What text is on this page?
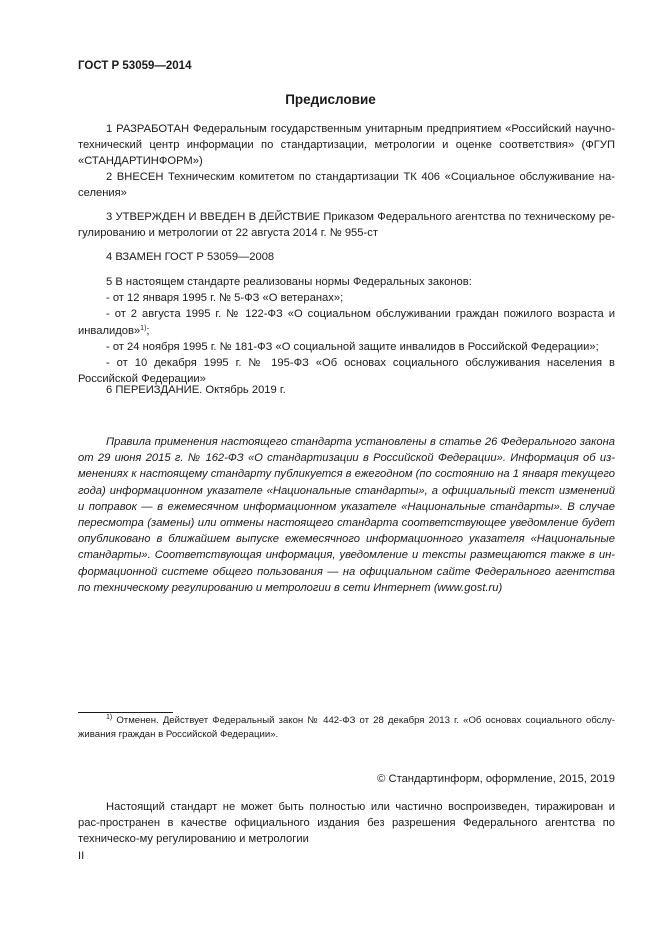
ГОСТ Р 53059—2014
Предисловие
1 РАЗРАБОТАН Федеральным государственным унитарным предприятием «Российский научно-технический центр информации по стандартизации, метрологии и оценке соответствия» (ФГУП «СТАНДАРТИНФОРМ»)
2 ВНЕСЕН Техническим комитетом по стандартизации ТК 406 «Социальное обслуживание на-селения»
3 УТВЕРЖДЕН И ВВЕДЕН В ДЕЙСТВИЕ Приказом Федерального агентства по техническому ре-гулированию и метрологии от 22 августа 2014 г. № 955-ст
4 ВЗАМЕН ГОСТ Р 53059—2008
5 В настоящем стандарте реализованы нормы Федеральных законов:
- от 12 января 1995 г. № 5-ФЗ «О ветеранах»;
- от 2 августа 1995 г. № 122-ФЗ «О социальном обслуживании граждан пожилого возраста и инвалидов»$^{1)}$;
- от 24 ноября 1995 г. № 181-ФЗ «О социальной защите инвалидов в Российской Федерации»;
- от 10 декабря 1995 г. № 195-ФЗ «Об основах социального обслуживания населения в Российской Федерации»
6 ПЕРЕИЗДАНИЕ. Октябрь 2019 г.
Правила применения настоящего стандарта установлены в статье 26 Федерального закона от 29 июня 2015 г. № 162-ФЗ «О стандартизации в Российской Федерации». Информация об из-менениях к настоящему стандарту публикуется в ежегодном (по состоянию на 1 января текущего года) информационном указателе «Национальные стандарты», а официальный текст изменений и поправок — в ежемесячном информационном указателе «Национальные стандарты». В случае пересмотра (замены) или отмены настоящего стандарта соответствующее уведомление будет опубликовано в ближайшем выпуске ежемесячного информационного указателя «Национальные стандарты». Соответствующая информация, уведомление и тексты размещаются также в ин-формационной системе общего пользования — на официальном сайте Федерального агентства по техническому регулированию и метрологии в сети Интернет (www.gost.ru)
$^{1)}$ Отменен. Действует Федеральный закон № 442-ФЗ от 28 декабря 2013 г. «Об основах социального обслу-живания граждан в Российской Федерации».
© Стандартинформ, оформление, 2015, 2019
Настоящий стандарт не может быть полностью или частично воспроизведен, тиражирован и рас-пространен в качестве официального издания без разрешения Федерального агентства по техническо-му регулированию и метрологии
II
